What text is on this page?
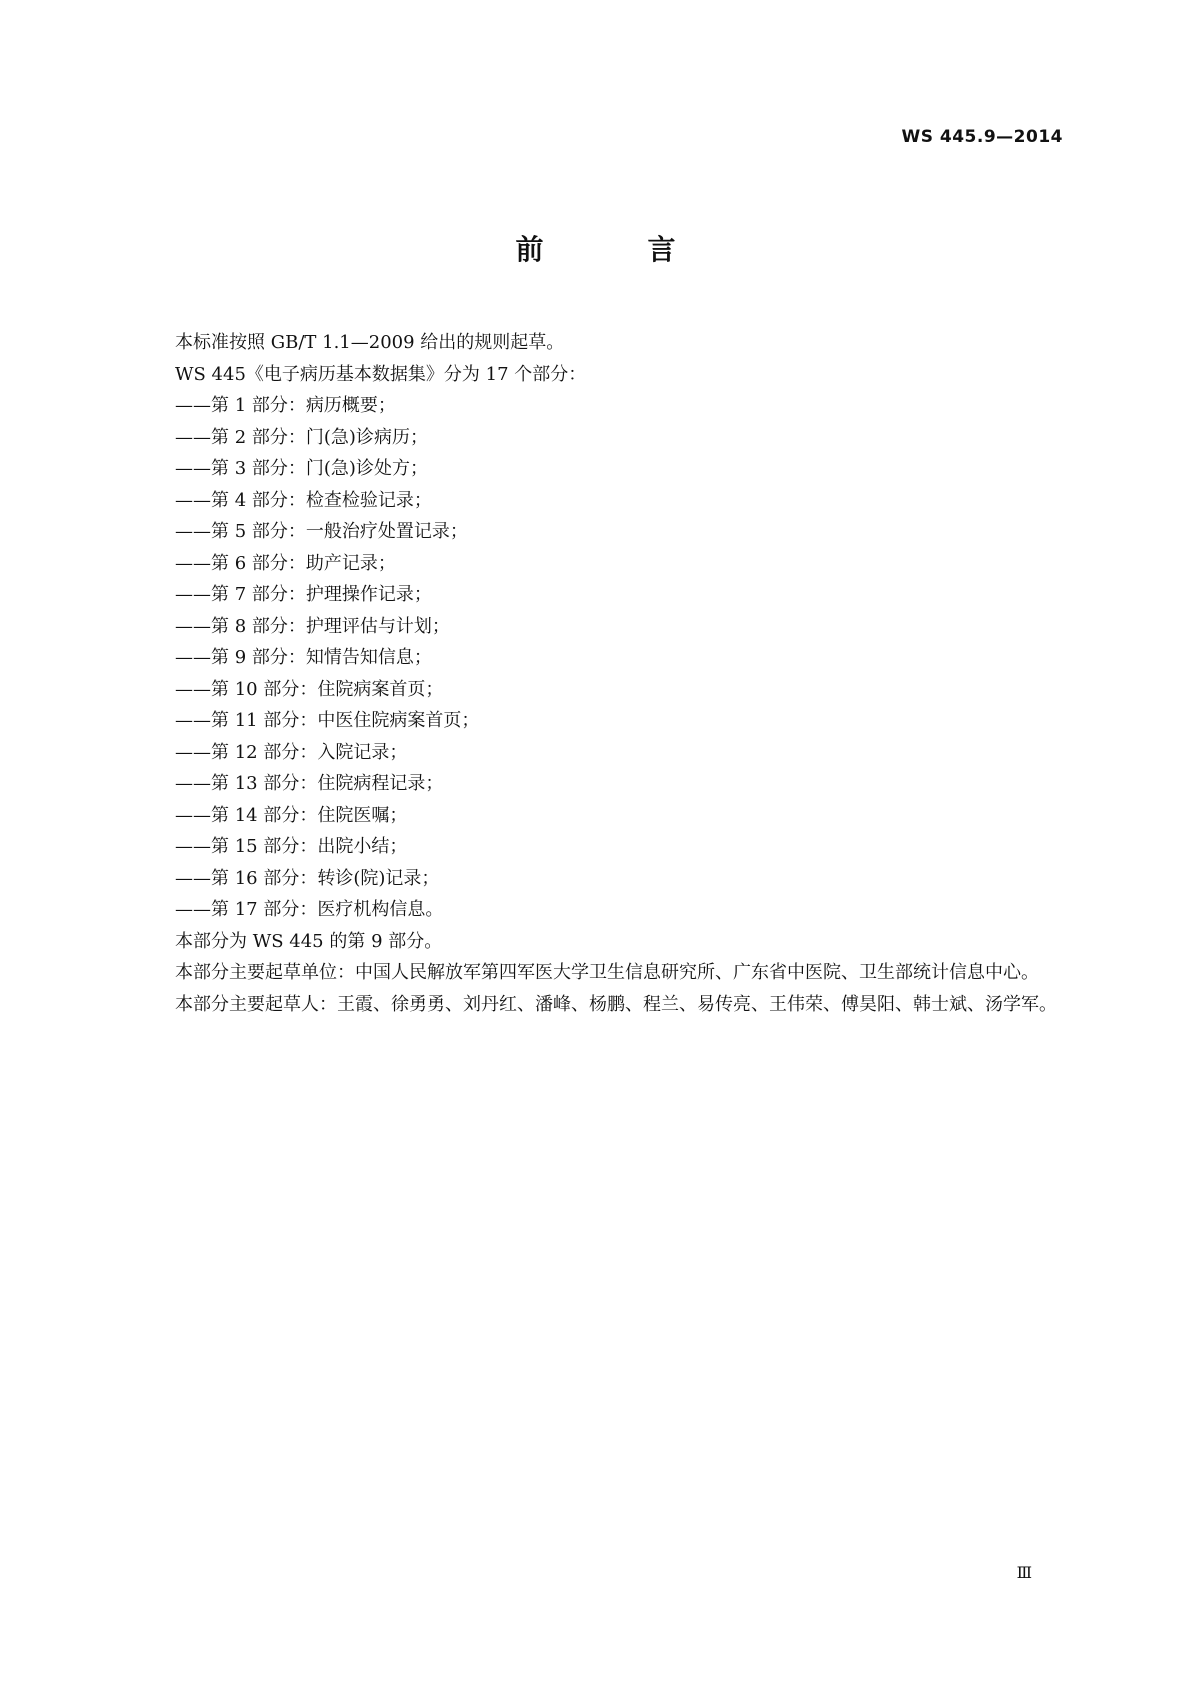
WS 445.9—2014
前　言

本标准按照 GB/T 1.1—2009 给出的规则起草。

WS 445《电子病历基本数据集》分为 17 个部分：

——第 1 部分：病历概要；

——第 2 部分：门(急)诊病历；

——第 3 部分：门(急)诊处方；

——第 4 部分：检查检验记录；

——第 5 部分：一般治疗处置记录；

——第 6 部分：助产记录；

——第 7 部分：护理操作记录；

——第 8 部分：护理评估与计划；

——第 9 部分：知情告知信息；

——第 10 部分：住院病案首页；

——第 11 部分：中医住院病案首页；

——第 12 部分：入院记录；

——第 13 部分：住院病程记录；

——第 14 部分：住院医嘱；

——第 15 部分：出院小结；

——第 16 部分：转诊(院)记录；

——第 17 部分：医疗机构信息。

本部分为 WS 445 的第 9 部分。

本部分主要起草单位：中国人民解放军第四军医大学卫生信息研究所、广东省中医院、卫生部统计信息中心。

本部分主要起草人：王霞、徐勇勇、刘丹红、潘峰、杨鹏、程兰、易传亮、王伟荣、傅昊阳、韩士斌、汤学军。

Ⅲ
